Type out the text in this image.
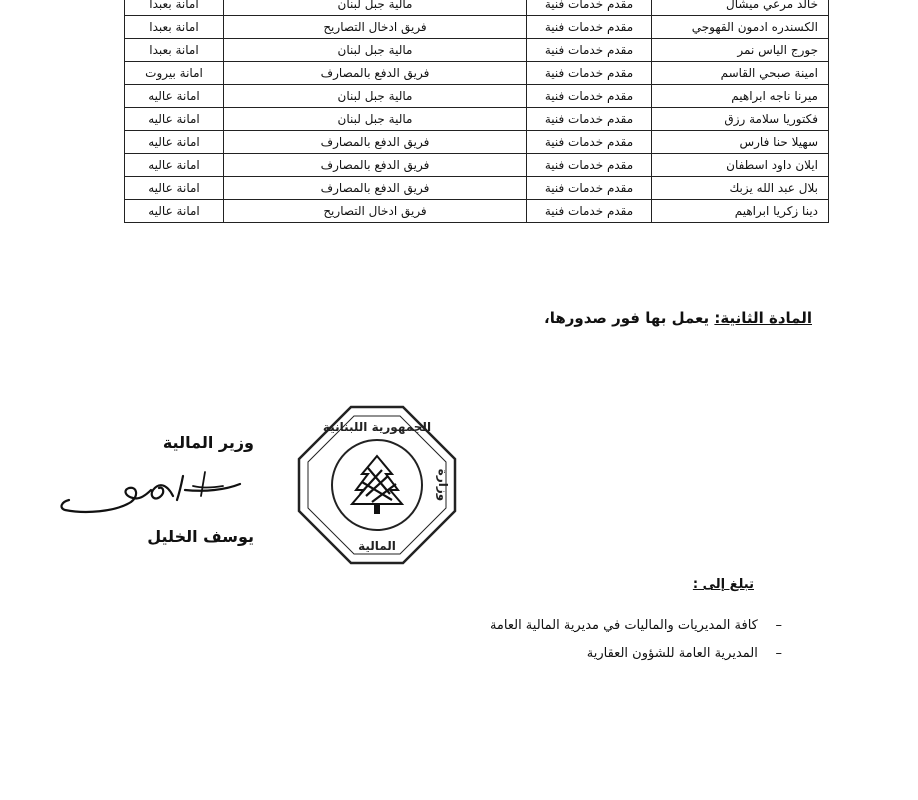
خالد مرعي ميشال	مقدم خدمات فنية	مالية جبل لبنان	امانة بعبدا
الكسندره ادمون القهوجي	مقدم خدمات فنية	فريق ادخال التصاريح	امانة بعبدا
جورج الياس نمر	مقدم خدمات فنية	مالية جبل لبنان	امانة بعبدا
امينة صبحي القاسم	مقدم خدمات فنية	فريق الدفع بالمصارف	امانة بيروت
ميرنا ناجه ابراهيم	مقدم خدمات فنية	مالية جبل لبنان	امانة عاليه
فكتوريا سلامة رزق	مقدم خدمات فنية	مالية جبل لبنان	امانة عاليه
سهيلا حنا فارس	مقدم خدمات فنية	فريق الدفع بالمصارف	امانة عاليه
ايلان داود اسطفان	مقدم خدمات فنية	فريق الدفع بالمصارف	امانة عاليه
بلال عبد الله يزبك	مقدم خدمات فنية	فريق الدفع بالمصارف	امانة عاليه
دينا زكريا ابراهيم	مقدم خدمات فنية	فريق ادخال التصاريح	امانة عاليه
المادة الثانية: يعمل بها فور صدورها،
الجمهورية اللبنانية
المالية
وزارة
وزير المالية
يوسف الخليل
تبلغ إلى :
– كافة المديريات والماليات في مديرية المالية العامة
– المديرية العامة للشؤون العقارية
